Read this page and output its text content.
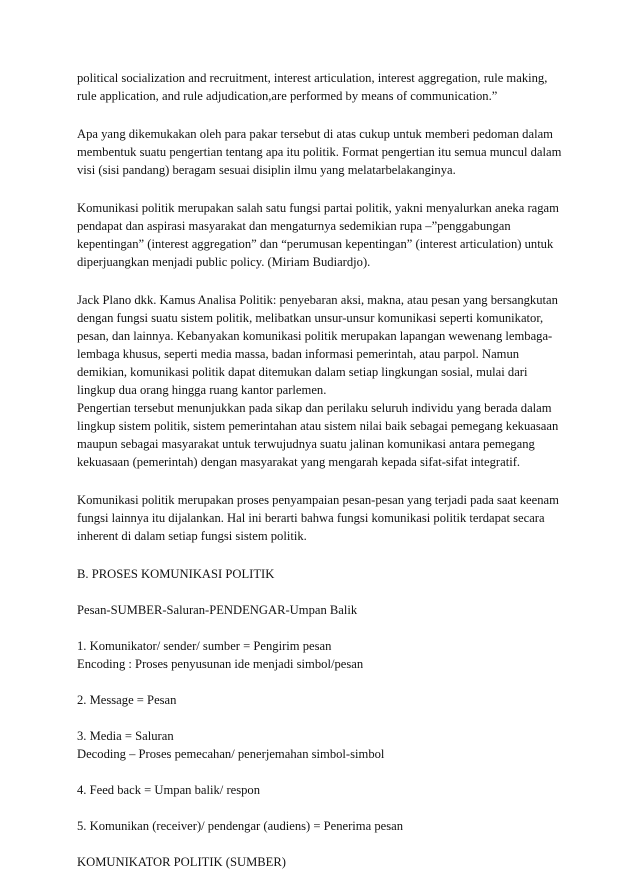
political socialization and recruitment, interest articulation, interest aggregation, rule making,
rule application, and rule adjudication,are performed by means of communication.”

Apa yang dikemukakan oleh para pakar tersebut di atas cukup untuk memberi pedoman dalam
membentuk suatu pengertian tentang apa itu politik. Format pengertian itu semua muncul dalam
visi (sisi pandang) beragam sesuai disiplin ilmu yang melatarbelakanginya.

Komunikasi politik merupakan salah satu fungsi partai politik, yakni menyalurkan aneka ragam
pendapat dan aspirasi masyarakat dan mengaturnya sedemikian rupa –”penggabungan
kepentingan” (interest aggregation” dan “perumusan kepentingan” (interest articulation) untuk
diperjuangkan menjadi public policy. (Miriam Budiardjo).

Jack Plano dkk. Kamus Analisa Politik: penyebaran aksi, makna, atau pesan yang bersangkutan
dengan fungsi suatu sistem politik, melibatkan unsur-unsur komunikasi seperti komunikator,
pesan, dan lainnya. Kebanyakan komunikasi politik merupakan lapangan wewenang lembaga-
lembaga khusus, seperti media massa, badan informasi pemerintah, atau parpol. Namun
demikian, komunikasi politik dapat ditemukan dalam setiap lingkungan sosial, mulai dari
lingkup dua orang hingga ruang kantor parlemen.
Pengertian tersebut menunjukkan pada sikap dan perilaku seluruh individu yang berada dalam
lingkup sistem politik, sistem pemerintahan atau sistem nilai baik sebagai pemegang kekuasaan
maupun sebagai masyarakat untuk terwujudnya suatu jalinan komunikasi antara pemegang
kekuasaan (pemerintah) dengan masyarakat yang mengarah kepada sifat-sifat integratif.

Komunikasi politik merupakan proses penyampaian pesan-pesan yang terjadi pada saat keenam
fungsi lainnya itu dijalankan. Hal ini berarti bahwa fungsi komunikasi politik terdapat secara
inherent di dalam setiap fungsi sistem politik.

B. PROSES KOMUNIKASI POLITIK
Pesan-SUMBER-Saluran-PENDENGAR-Umpan Balik
1. Komunikator/ sender/ sumber = Pengirim pesan
Encoding : Proses penyusunan ide menjadi simbol/pesan
2. Message = Pesan
3. Media = Saluran
Decoding – Proses pemecahan/ penerjemahan simbol-simbol
4. Feed back = Umpan balik/ respon
5. Komunikan (receiver)/ pendengar (audiens) = Penerima pesan
KOMUNIKATOR POLITIK (SUMBER)
